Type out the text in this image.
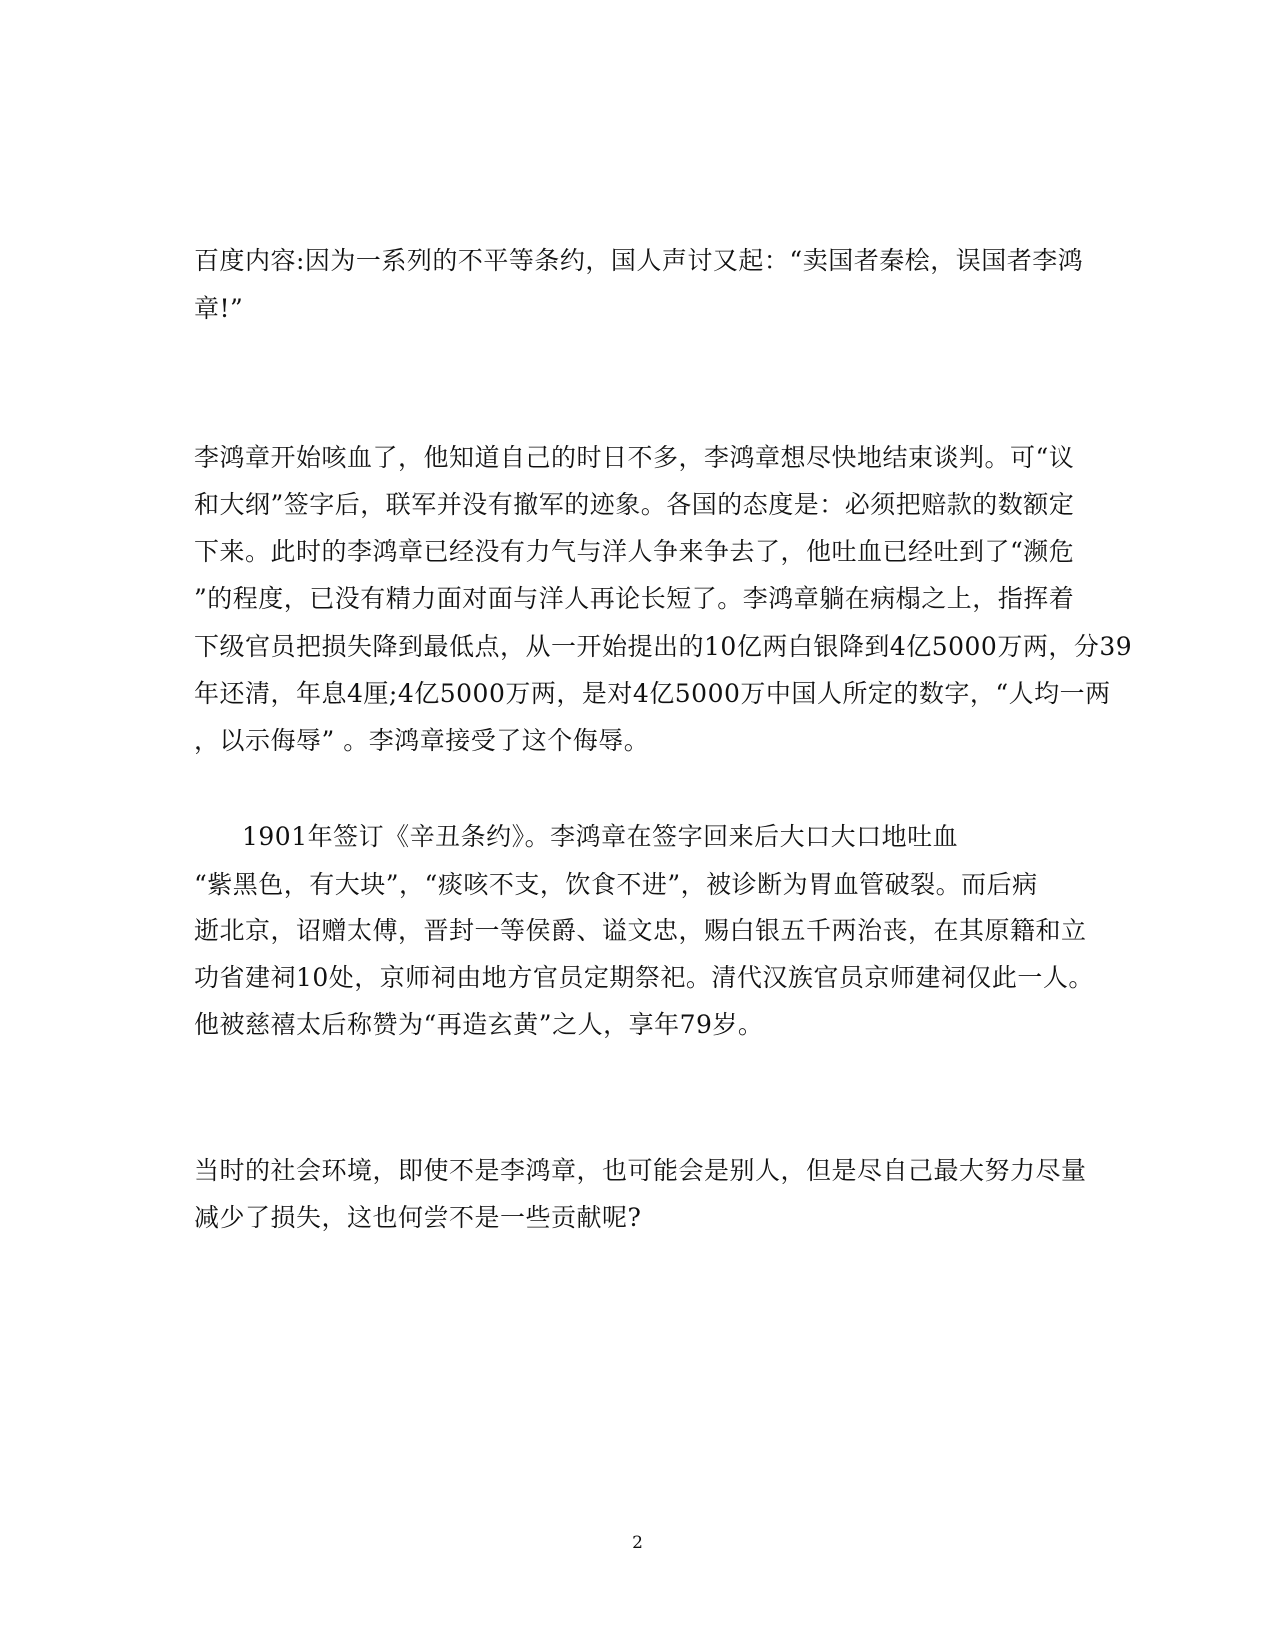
百度内容:因为一系列的不平等条约，国人声讨又起：“卖国者秦桧，误国者李鸿

章!”

李鸿章开始咳血了，他知道自己的时日不多，李鸿章想尽快地结束谈判。可“议

和大纲”签字后，联军并没有撤军的迹象。各国的态度是：必须把赔款的数额定

下来。此时的李鸿章已经没有力气与洋人争来争去了，他吐血已经吐到了“濒危

”的程度，已没有精力面对面与洋人再论长短了。李鸿章躺在病榻之上，指挥着

下级官员把损失降到最低点，从一开始提出的10亿两白银降到4亿5000万两，分39

年还清，年息4厘;4亿5000万两，是对4亿5000万中国人所定的数字，“人均一两

，以示侮辱” 。李鸿章接受了这个侮辱。

1901年签订《辛丑条约》。李鸿章在签字回来后大口大口地吐血

“紫黑色，有大块”，“痰咳不支，饮食不进”，被诊断为胃血管破裂。而后病

逝北京，诏赠太傅，晋封一等侯爵、谥文忠，赐白银五千两治丧，在其原籍和立

功省建祠10处，京师祠由地方官员定期祭祀。清代汉族官员京师建祠仅此一人。

他被慈禧太后称赞为“再造玄黄”之人，享年79岁。

当时的社会环境，即使不是李鸿章，也可能会是别人，但是尽自己最大努力尽量

减少了损失，这也何尝不是一些贡献呢?

2
